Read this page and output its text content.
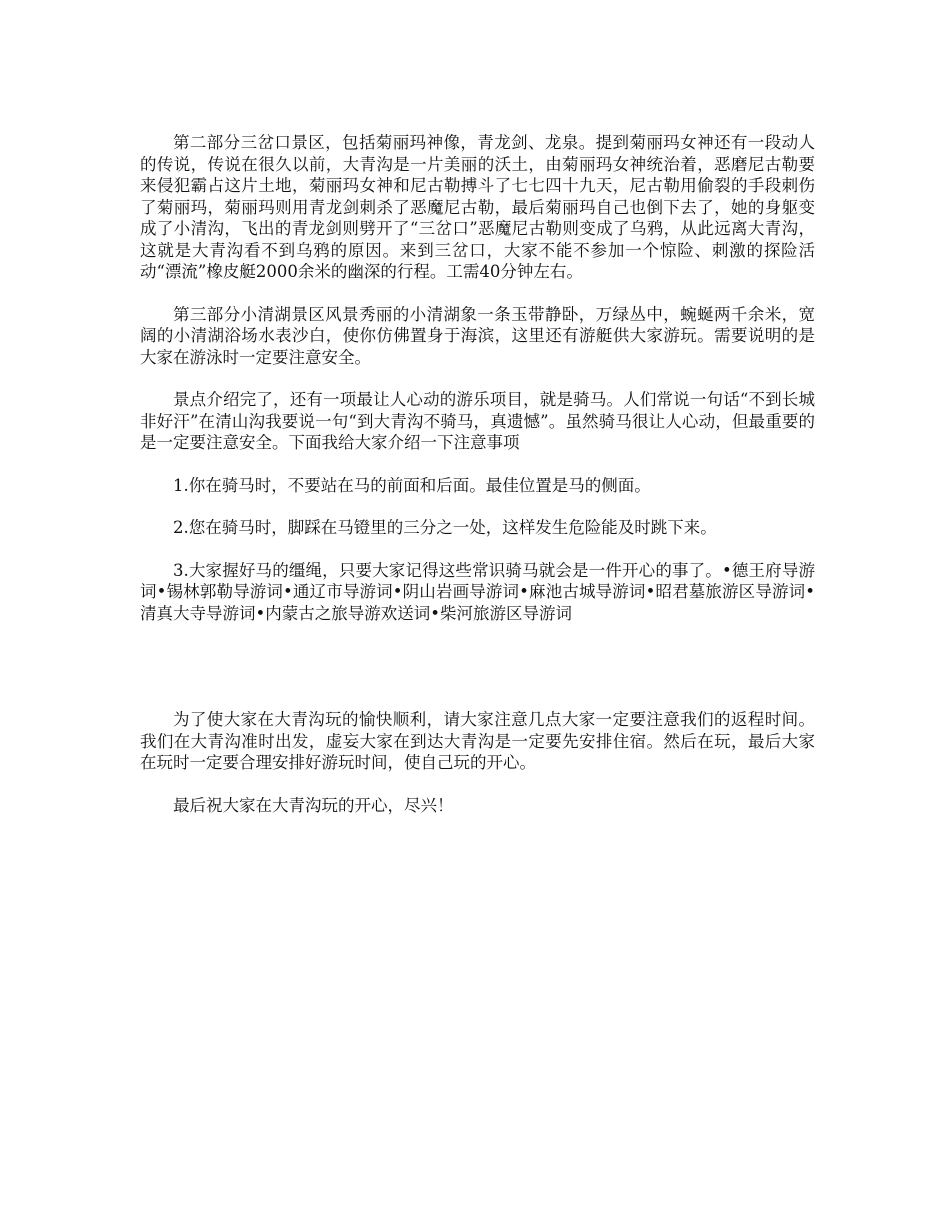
第二部分三岔口景区，包括菊丽玛神像，青龙剑、龙泉。提到菊丽玛女神还有一段动人的传说，传说在很久以前，大青沟是一片美丽的沃土，由菊丽玛女神统治着，恶磨尼古勒要来侵犯霸占这片土地，菊丽玛女神和尼古勒搏斗了七七四十九天，尼古勒用偷裂的手段刺伤了菊丽玛，菊丽玛则用青龙剑刺杀了恶魔尼古勒，最后菊丽玛自己也倒下去了，她的身躯变成了小清沟，飞出的青龙剑则劈开了“三岔口”恶魔尼古勒则变成了乌鸦，从此远离大青沟，这就是大青沟看不到乌鸦的原因。来到三岔口，大家不能不参加一个惊险、刺激的探险活动“漂流”橡皮艇2000余米的幽深的行程。工需40分钟左右。

第三部分小清湖景区风景秀丽的小清湖象一条玉带静卧，万绿丛中，蜿蜒两千余米，宽阔的小清湖浴场水表沙白，使你仿佛置身于海滨，这里还有游艇供大家游玩。需要说明的是大家在游泳时一定要注意安全。

景点介绍完了，还有一项最让人心动的游乐项目，就是骑马。人们常说一句话“不到长城非好汗”在清山沟我要说一句“到大青沟不骑马，真遗憾”。虽然骑马很让人心动，但最重要的是一定要注意安全。下面我给大家介绍一下注意事项

1.你在骑马时，不要站在马的前面和后面。最佳位置是马的侧面。

2.您在骑马时，脚踩在马镫里的三分之一处，这样发生危险能及时跳下来。

3.大家握好马的缰绳，只要大家记得这些常识骑马就会是一件开心的事了。•德王府导游词•锡林郭勒导游词•通辽市导游词•阴山岩画导游词•麻池古城导游词•昭君墓旅游区导游词•清真大寺导游词•内蒙古之旅导游欢送词•柴河旅游区导游词

为了使大家在大青沟玩的愉快顺利，请大家注意几点大家一定要注意我们的返程时间。我们在大青沟准时出发，虚妄大家在到达大青沟是一定要先安排住宿。然后在玩，最后大家在玩时一定要合理安排好游玩时间，使自己玩的开心。

最后祝大家在大青沟玩的开心，尽兴！
